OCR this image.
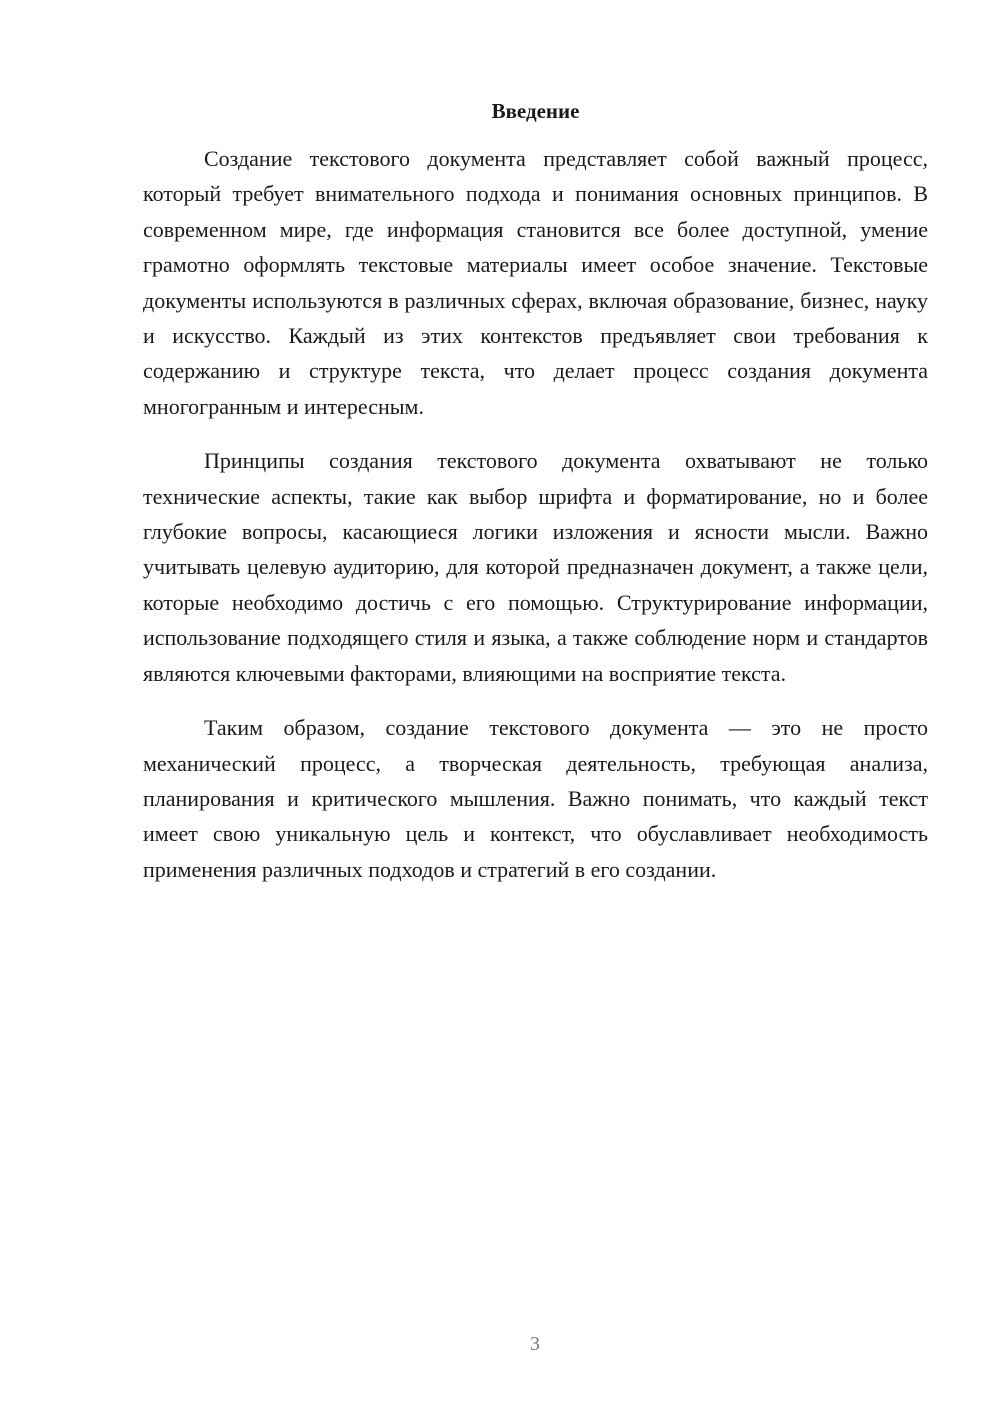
Введение

Создание текстового документа представляет собой важный процесс, который требует внимательного подхода и понимания основных принципов. В современном мире, где информация становится все более доступной, умение грамотно оформлять текстовые материалы имеет особое значение. Текстовые документы используются в различных сферах, включая образование, бизнес, науку и искусство. Каждый из этих контекстов предъявляет свои требования к содержанию и структуре текста, что делает процесс создания документа многогранным и интересным.

Принципы создания текстового документа охватывают не только технические аспекты, такие как выбор шрифта и форматирование, но и более глубокие вопросы, касающиеся логики изложения и ясности мысли. Важно учитывать целевую аудиторию, для которой предназначен документ, а также цели, которые необходимо достичь с его помощью. Структурирование информации, использование подходящего стиля и языка, а также соблюдение норм и стандартов являются ключевыми факторами, влияющими на восприятие текста.

Таким образом, создание текстового документа — это не просто механический процесс, а творческая деятельность, требующая анализа, планирования и критического мышления. Важно понимать, что каждый текст имеет свою уникальную цель и контекст, что обуславливает необходимость применения различных подходов и стратегий в его создании.

3
